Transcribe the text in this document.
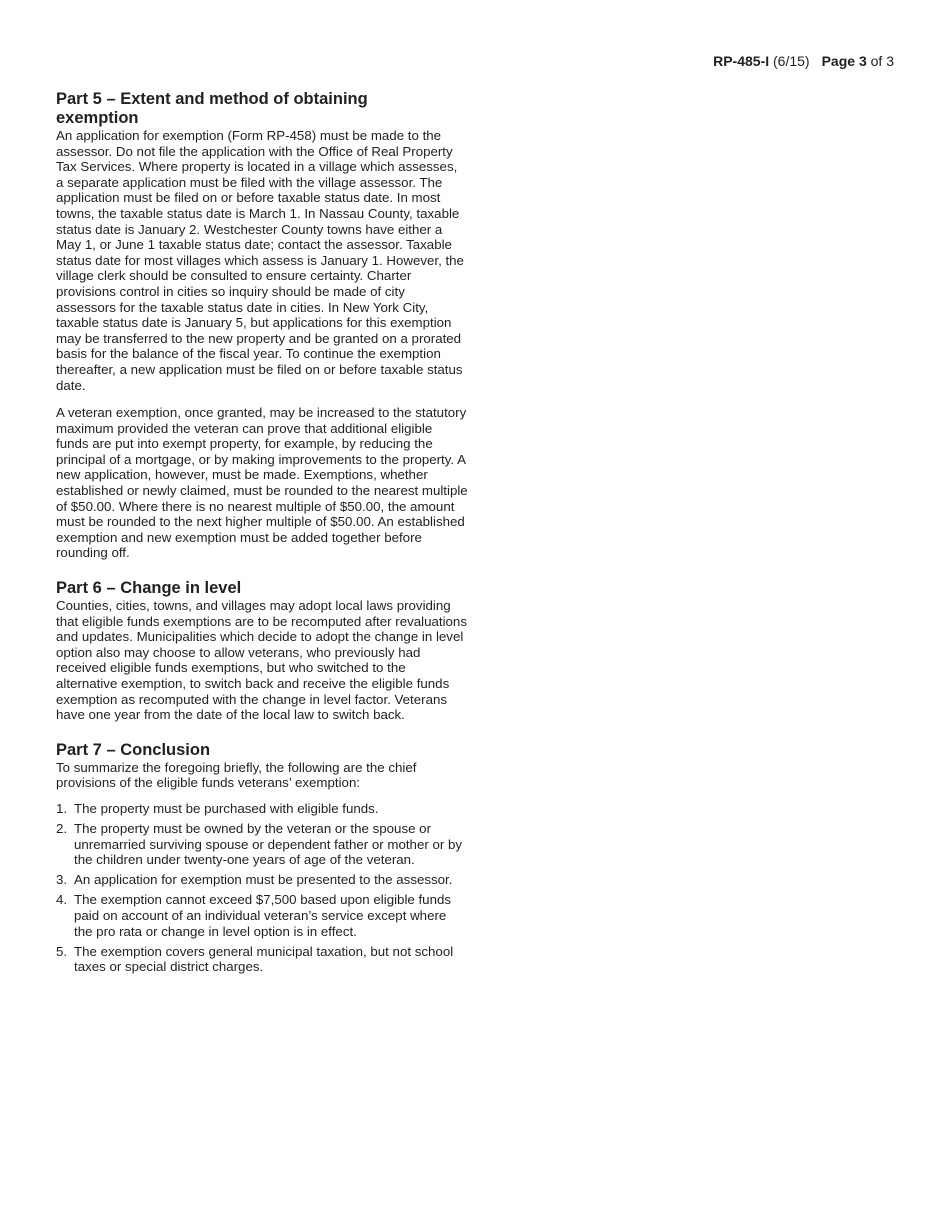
RP-485-I (6/15) Page 3 of 3
Part 5 – Extent and method of obtaining
exemption

An application for exemption (Form RP-458) must be made to the assessor. Do not file the application with the Office of Real Property Tax Services. Where property is located in a village which assesses, a separate application must be filed with the village assessor. The application must be filed on or before taxable status date. In most towns, the taxable status date is March 1. In Nassau County, taxable status date is January 2. Westchester County towns have either a May 1, or June 1 taxable status date; contact the assessor. Taxable status date for most villages which assess is January 1. However, the village clerk should be consulted to ensure certainty. Charter provisions control in cities so inquiry should be made of city assessors for the taxable status date in cities. In New York City, taxable status date is January 5, but applications for this exemption may be transferred to the new property and be granted on a prorated basis for the balance of the fiscal year. To continue the exemption thereafter, a new application must be filed on or before taxable status date.

A veteran exemption, once granted, may be increased to the statutory maximum provided the veteran can prove that additional eligible funds are put into exempt property, for example, by reducing the principal of a mortgage, or by making improvements to the property. A new application, however, must be made. Exemptions, whether established or newly claimed, must be rounded to the nearest multiple of $50.00. Where there is no nearest multiple of $50.00, the amount must be rounded to the next higher multiple of $50.00. An established exemption and new exemption must be added together before rounding off.

Part 6 – Change in level

Counties, cities, towns, and villages may adopt local laws providing that eligible funds exemptions are to be recomputed after revaluations and updates. Municipalities which decide to adopt the change in level option also may choose to allow veterans, who previously had received eligible funds exemptions, but who switched to the alternative exemption, to switch back and receive the eligible funds exemption as recomputed with the change in level factor. Veterans have one year from the date of the local law to switch back.

Part 7 – Conclusion

To summarize the foregoing briefly, the following are the chief provisions of the eligible funds veterans’ exemption:

1. The property must be purchased with eligible funds.
2. The property must be owned by the veteran or the spouse or unremarried surviving spouse or dependent father or mother or by the children under twenty-one years of age of the veteran.
3. An application for exemption must be presented to the assessor.
4. The exemption cannot exceed $7,500 based upon eligible funds paid on account of an individual veteran’s service except where the pro rata or change in level option is in effect.
5. The exemption covers general municipal taxation, but not school taxes or special district charges.
